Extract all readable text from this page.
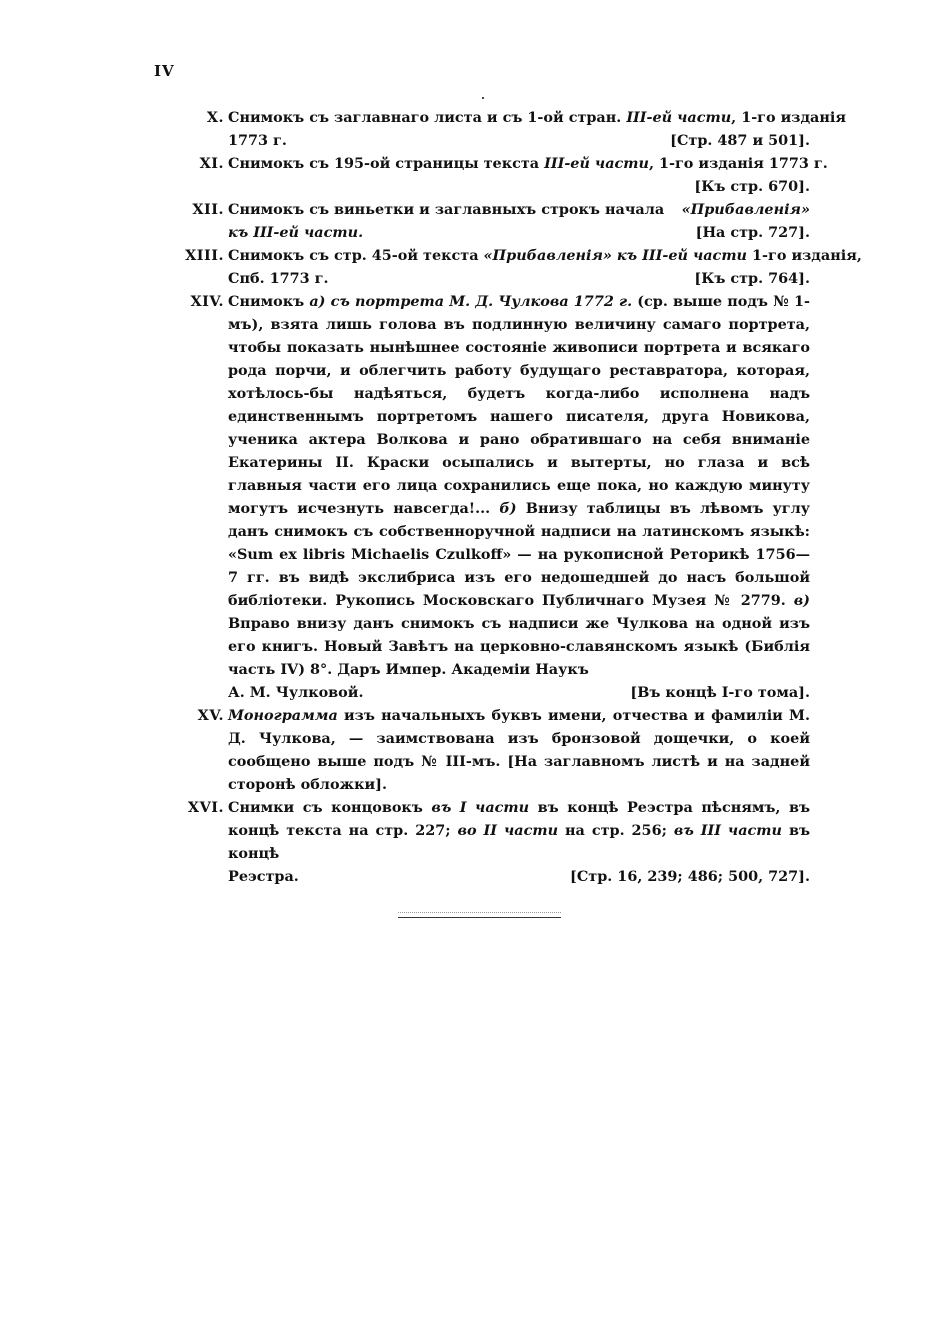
IV
X. Снимокъ съ заглавнаго листа и съ 1-ой стран. III-ей части, 1-го изданія
1773 г.	[Стр. 487 и 501].
XI. Снимокъ съ 195-ой страницы текста III-ей части, 1-го изданія 1773 г.
[Къ стр. 670].
XII. Снимокъ съ виньетки и заглавныхъ строкъ начала «Прибавленія»
къ III-ей части.	[На стр. 727].
XIII. Снимокъ съ стр. 45-ой текста «Прибавленія» къ III-ей части 1-го изданія,
Спб. 1773 г.	[Къ стр. 764].
XIV. Снимокъ а) съ портрета М. Д. Чулкова 1772 г. (ср. выше подъ № 1-мъ), взята лишь голова въ подлинную величину самаго портрета, чтобы показать нынѣшнее состояніе живописи портрета и всякаго рода порчи, и облегчить работу будущаго реставратора, которая, хотѣлось-бы надѣяться, будетъ когда-либо исполнена надъ единственнымъ портретомъ нашего писателя, друга Новикова, ученика актера Волкова и рано обратившаго на себя вниманіе Екатерины II. Краски осыпались и вытерты, но глаза и всѣ главныя части его лица сохранились еще пока, но каждую минуту могутъ исчезнуть навсегда!... б) Внизу таблицы въ лѣвомъ углу данъ снимокъ съ собственноручной надписи на латинскомъ языкѣ: «Sum ex libris Michaelis Czulkoff» — на рукописной Реторикѣ 1756—7 гг. въ видѣ экслибриса изъ его недошедшей до насъ большой библіотеки. Рукопись Московскаго Публичнаго Музея № 2779. в) Вправо внизу данъ снимокъ съ надписи же Чулкова на одной изъ его книгъ. Новый Завѣтъ на церковно-славянскомъ языкѣ (Библія часть IV) 8°. Даръ Импер. Академіи Наукъ
А. М. Чулковой.	[Въ концѣ I-го тома].
XV. Монограмма изъ начальныхъ буквъ имени, отчества и фамиліи М. Д. Чулкова, — заимствована изъ бронзовой дощечки, о коей сообщено выше подъ № III-мъ. [На заглавномъ листѣ и на задней сторонѣ обложки].
XVI. Снимки съ концовокъ въ I части въ концѣ Реэстра пѣснямъ, въ концѣ текста на стр. 227; во II части на стр. 256; въ III части въ концѣ
Реэстра.	[Стр. 16, 239; 486; 500, 727].
